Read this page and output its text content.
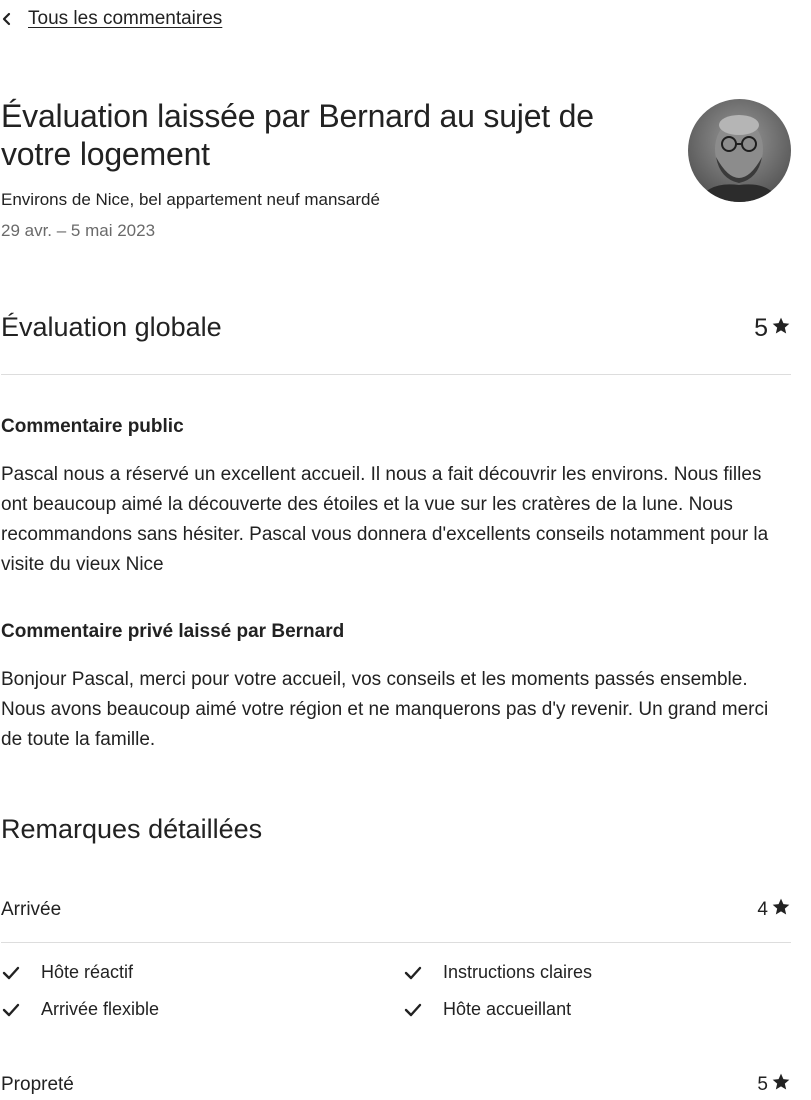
Tous les commentaires
Évaluation laissée par Bernard au sujet de votre logement
Environs de Nice, bel appartement neuf mansardé
29 avr. – 5 mai 2023
Évaluation globale	5
Commentaire public

Pascal nous a réservé un excellent accueil. Il nous a fait découvrir les environs. Nous filles ont beaucoup aimé la découverte des étoiles et la vue sur les cratères de la lune. Nous recommandons sans hésiter. Pascal vous donnera d'excellents conseils notamment pour la visite du vieux Nice

Commentaire privé laissé par Bernard

Bonjour Pascal, merci pour votre accueil, vos conseils et les moments passés ensemble. Nous avons beaucoup aimé votre région et ne manquerons pas d'y revenir. Un grand merci de toute la famille.

Remarques détaillées
Arrivée	4
Hôte réactif	Instructions claires
Arrivée flexible	Hôte accueillant
Propreté	5
